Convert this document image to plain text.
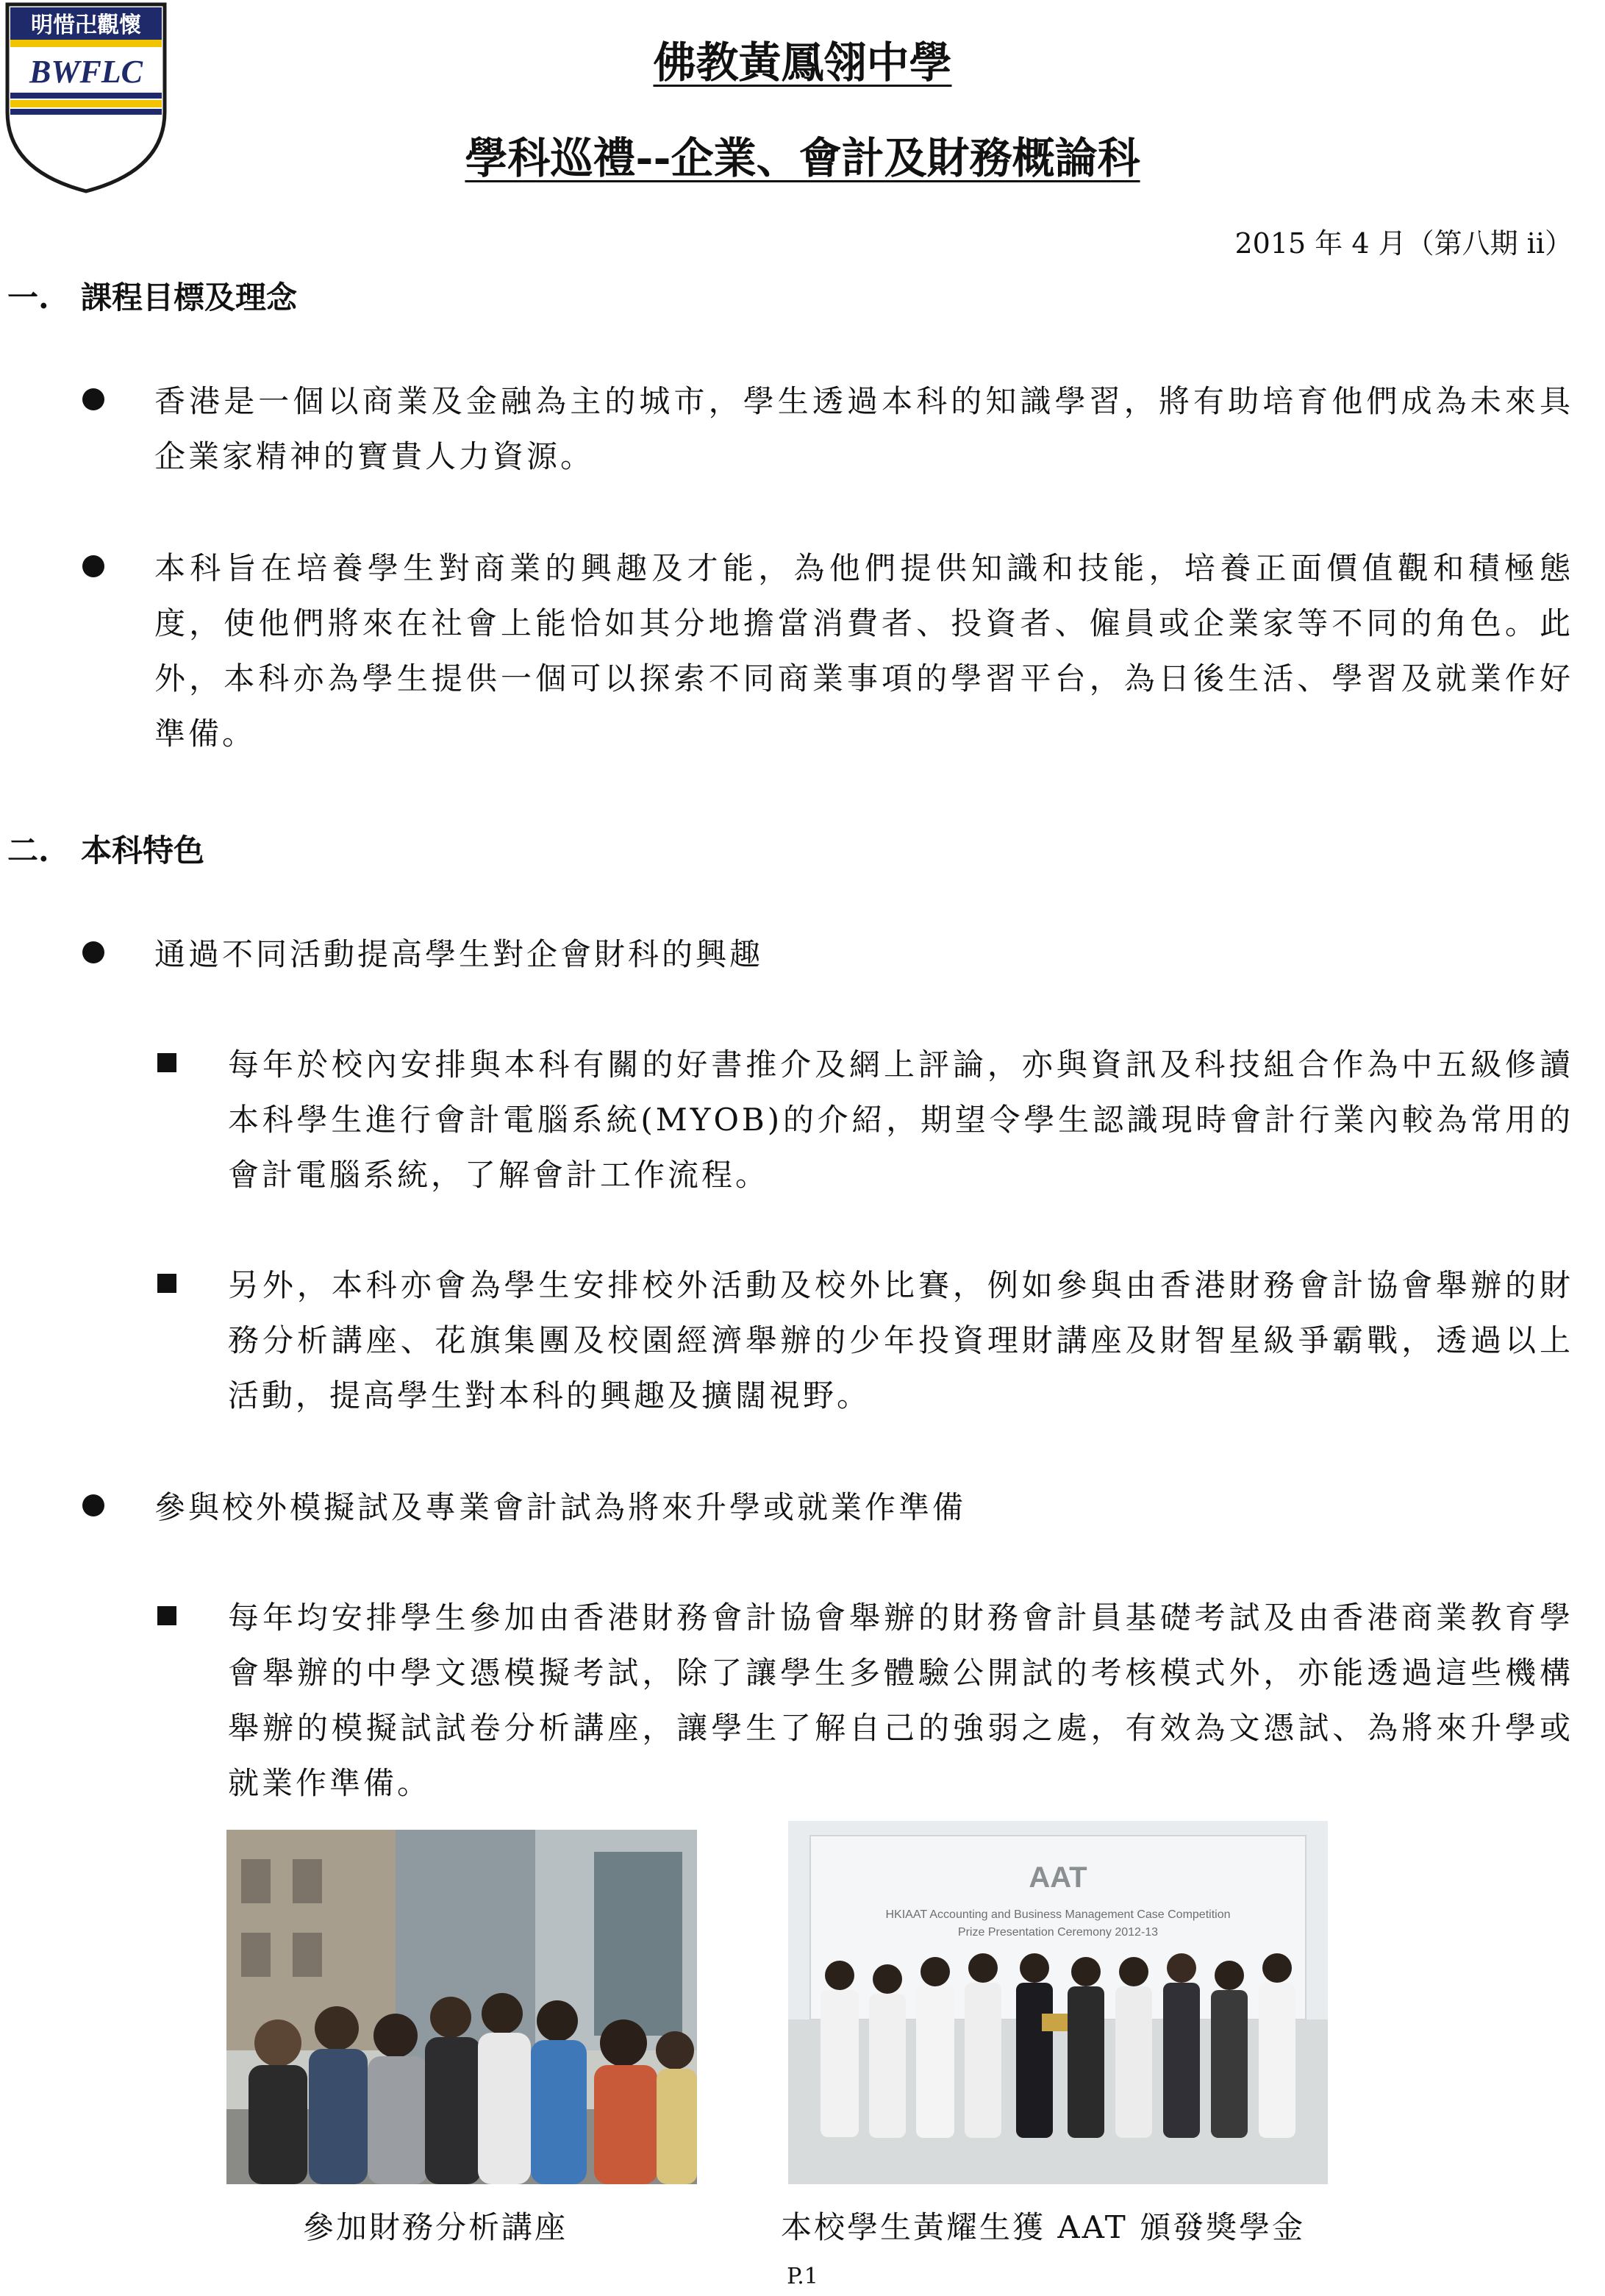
明惜卍觀懷
BWFLC	佛教黃鳳翎中學
學科巡禮--企業、會計及財務概論科
2015 年 4 月（第八期 ii）
一. 課程目標及理念
香港是一個以商業及金融為主的城市，學生透過本科的知識學習，將有助培育他們成為未來具企業家精神的寶貴人力資源。
本科旨在培養學生對商業的興趣及才能，為他們提供知識和技能，培養正面價值觀和積極態度，使他們將來在社會上能恰如其分地擔當消費者、投資者、僱員或企業家等不同的角色。此外，本科亦為學生提供一個可以探索不同商業事項的學習平台，為日後生活、學習及就業作好準備。
二. 本科特色
通過不同活動提高學生對企會財科的興趣
每年於校內安排與本科有關的好書推介及網上評論，亦與資訊及科技組合作為中五級修讀本科學生進行會計電腦系統(MYOB)的介紹，期望令學生認識現時會計行業內較為常用的會計電腦系統，了解會計工作流程。
另外，本科亦會為學生安排校外活動及校外比賽，例如參與由香港財務會計協會舉辦的財務分析講座、花旗集團及校園經濟舉辦的少年投資理財講座及財智星級爭霸戰，透過以上活動，提高學生對本科的興趣及擴闊視野。
參與校外模擬試及專業會計試為將來升學或就業作準備
每年均安排學生參加由香港財務會計協會舉辦的財務會計員基礎考試及由香港商業教育學會舉辦的中學文憑模擬考試，除了讓學生多體驗公開試的考核模式外，亦能透過這些機構舉辦的模擬試試卷分析講座，讓學生了解自己的強弱之處，有效為文憑試、為將來升學或就業作準備。
AAT
HKIAAT Accounting and Business Management Case Competition
Prize Presentation Ceremony 2012-13
參加財務分析講座	本校學生黃耀生獲 AAT 頒發獎學金
P.1
